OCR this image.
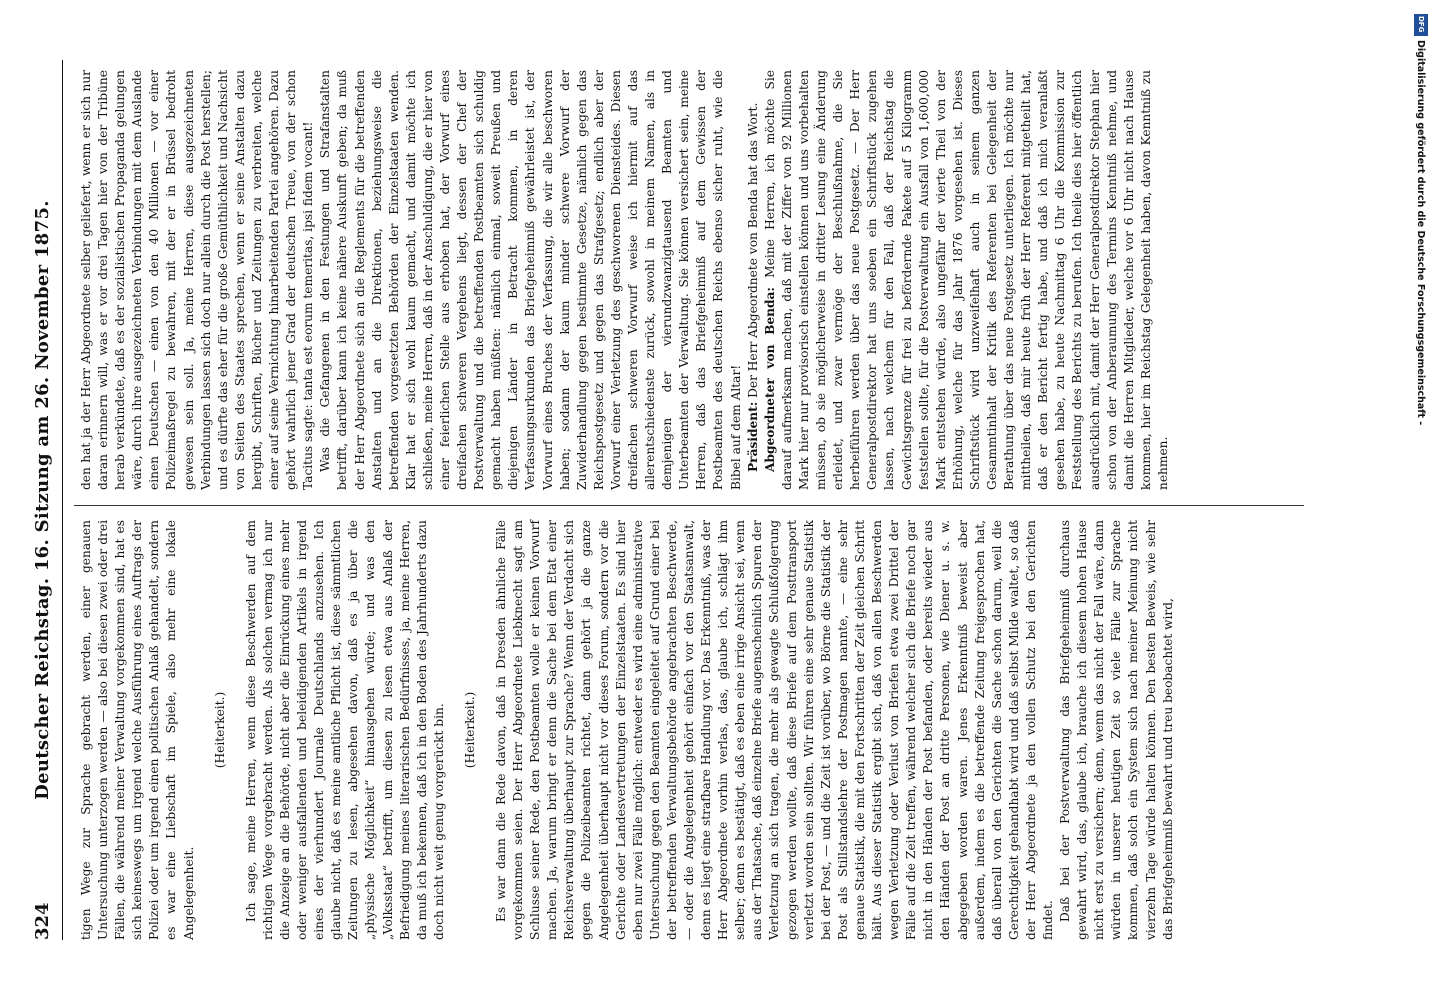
324
Deutscher Reichstag. 16. Sitzung am 26. November 1875. tigen Wege zur Sprache gebracht werden, einer genauen Untersuchung unterzogen werden — also bei diesen zwei oder drei Fällen, die während meiner Verwaltung vorgekommen sind, hat es sich keineswegs um irgend welche Ausführung eines Auftrags der Polizei oder um irgend einen politischen Anlaß gehandelt, sondern es war eine Liebschaft im Spiele, also mehr eine lokale Angelegenheit.

(Heiterkeit.) Ich sage, meine Herren, wenn diese Beschwerden auf dem richtigen Wege vorgebracht werden. Als solchen vermag ich nur die Anzeige an die Behörde, nicht aber die Einrückung eines mehr oder weniger ausfallenden und beleidigenden Artikels in irgend eines der vierhundert Journale Deutschlands anzusehen. Ich glaube nicht, daß es meine amtliche Pflicht ist, diese sämmtlichen Zeitungen zu lesen, abgesehen davon, daß es ja über die „physische Möglichkeit“ hinausgehen würde; und was den „Volksstaat“ betrifft, um diesen zu lesen etwa aus Anlaß der Befriedigung meines literarischen Bedürfnisses, ja, meine Herren, da muß ich bekennen, daß ich in den Boden des Jahrhunderts dazu doch nicht weit genug vorgerückt bin. (Heiterkeit.) Es war dann die Rede davon, daß in Dresden ähnliche Fälle vorgekommen seien. Der Herr Abgeordnete Liebknecht sagt am Schlusse seiner Rede, den Postbeamten wolle er keinen Vorwurf machen. Ja, warum bringt er denn die Sache bei dem Etat einer Reichsverwaltung überhaupt zur Sprache? Wenn der Verdacht sich gegen die Polizeibeamten richtet, dann gehört ja die ganze Angelegenheit überhaupt nicht vor dieses Forum, sondern vor die Gerichte oder Landesvertretungen der Einzelstaaten. Es sind hier eben nur zwei Fälle möglich: entweder es wird eine administrative Untersuchung gegen den Beamten eingeleitet auf Grund einer bei der betreffenden Verwaltungsbehörde angebrachten Beschwerde, — oder die Angelegenheit gehört einfach vor den Staatsanwalt, denn es liegt eine strafbare Handlung vor. Das Erkenntniß, was der Herr Abgeordnete vorhin verlas, das, glaube ich, schlägt ihm selber; denn es bestätigt, daß es eben eine irrige Ansicht sei, wenn aus der Thatsache, daß einzelne Briefe augenscheinlich Spuren der Verletzung an sich tragen, die mehr als gewagte Schlußfolgerung gezogen werden wollte, daß diese Briefe auf dem Posttransport verletzt worden sein sollten. Wir führen eine sehr genaue Statistik bei der Post, — und die Zeit ist vorüber, wo Börne die Statistik der Post als Stillstandslehre der Postmagen nannte, — eine sehr genaue Statistik, die mit den Fortschritten der Zeit gleichen Schritt hält. Aus dieser Statistik ergibt sich, daß von allen Beschwerden wegen Verletzung oder Verlust von Briefen etwa zwei Drittel der Fälle auf die Zeit treffen, während welcher sich die Briefe noch gar nicht in den Händen der Post befanden, oder bereits wieder aus den Händen der Post an dritte Personen, wie Diener u. s. w. abgegeben worden waren. Jenes Erkenntniß beweist aber außerdem, indem es die betreffende Zeitung freigesprochen hat, daß überall von den Gerichten die Sache schon darum, weil die Gerechtigkeit gehandhabt wird und daß selbst Milde waltet, so daß der Herr Abgeordnete ja den vollen Schutz bei den Gerichten findet. Daß bei der Postverwaltung das Briefgeheimniß durchaus gewahrt wird, das, glaube ich, brauche ich diesem hohen Hause nicht erst zu versichern; denn, wenn das nicht der Fall wäre, dann würden in unserer heutigen Zeit so viele Fälle zur Sprache kommen, daß solch ein System sich nach meiner Meinung nicht vierzehn Tage würde halten können. Den besten Beweis, wie sehr das Briefgeheimniß bewahrt und treu beobachtet wird,

den hat ja der Herr Abgeordnete selber geliefert, wenn er sich nur daran erinnern will, was er vor drei Tagen hier von der Tribüne herab verkündete, daß es der sozialistischen Propaganda gelungen wäre, durch ihre ausgezeichneten Verbindungen mit dem Auslande einen Deutschen — einen von den 40 Millionen — vor einer Polizeimaßregel zu bewahren, mit der er in Brüssel bedroht gewesen sein soll. Ja, meine Herren, diese ausgezeichneten Verbindungen lassen sich doch nur allein durch die Post herstellen; und es dürfte das eher für die große Gemüthlichkeit und Nachsicht von Seiten des Staates sprechen, wenn er seine Anstalten dazu hergibt, Schriften, Bücher und Zeitungen zu verbreiten, welche einer auf seine Vernichtung hinarbeitenden Partei angehören. Dazu gehört wahrlich jener Grad der deutschen Treue, von der schon Tacitus sagte: tanta est eorum temeritas, ipsi fidem vocant! Was die Gefangenen in den Festungen und Strafanstalten betrifft, darüber kann ich keine nähere Auskunft geben; da muß der Herr Abgeordnete sich an die Reglements für die betreffenden Anstalten und an die Direktionen, beziehungsweise die betreffenden vorgesetzten Behörden der Einzelstaaten wenden. Klar hat er sich wohl kaum gemacht, und damit möchte ich schließen, meine Herren, daß in der Anschuldigung, die er hier von einer feierlichen Stelle aus erhoben hat, der Vorwurf eines dreifachen schweren Vergehens liegt, dessen der Chef der Postverwaltung und die betreffenden Postbeamten sich schuldig gemacht haben müßten: nämlich einmal, soweit Preußen und diejenigen Länder in Betracht kommen, in deren Verfassungsurkunden das Briefgeheimniß gewährleistet ist, der Vorwurf eines Bruches der Verfassung, die wir alle beschworen haben; sodann der kaum minder schwere Vorwurf der Zuwiderhandlung gegen bestimmte Gesetze, nämlich gegen das Reichspostgesetz und gegen das Strafgesetz; endlich aber der Vorwurf einer Verletzung des geschworenen Diensteides. Diesen dreifachen schweren Vorwurf weise ich hiermit auf das allerentschiedenste zurück, sowohl in meinem Namen, als in demjenigen der vierundzwanzigtausend Beamten und Unterbeamten der Verwaltung. Sie können versichert sein, meine Herren, daß das Briefgeheimniß auf dem Gewissen der Postbeamten des deutschen Reichs ebenso sicher ruht, wie die Bibel auf dem Altar! Präsident: Der Herr Abgeordnete von Benda hat das Wort. Abgeordneter von Benda: Meine Herren, ich möchte Sie darauf aufmerksam machen, daß mit der Ziffer von 92 Millionen Mark hier nur provisorisch einstellen können und uns vorbehalten müssen, ob sie möglicherweise in dritter Lesung eine Änderung erleidet, und zwar vermöge der Beschlußnahme, die Sie herbeiführen werden über das neue Postgesetz. — Der Herr Generalpostdirektor hat uns soeben ein Schriftstück zugehen lassen, nach welchem für den Fall, daß der Reichstag die Gewichtsgrenze für frei zu befördernde Pakete auf 5 Kilogramm feststellen sollte, für die Postverwaltung ein Ausfall von 1,600,000 Mark entstehen würde, also ungefähr der vierte Theil von der Erhöhung, welche für das Jahr 1876 vorgesehen ist. Dieses Schriftstück wird unzweifelhaft auch in seinem ganzen Gesammtinhalt der Kritik des Referenten bei Gelegenheit der Berathung über das neue Postgesetz unterliegen. Ich möchte nur mittheilen, daß mir heute früh der Herr Referent mitgetheilt hat, daß er den Bericht fertig habe, und daß ich mich veranlaßt gesehen habe, zu heute Nachmittag 6 Uhr die Kommission zur Feststellung des Berichts zu berufen. Ich theile dies hier öffentlich ausdrücklich mit, damit der Herr Generalpostdirektor Stephan hier schon von der Anberaumung des Termins Kenntniß nehme, und damit die Herren Mitglieder, welche vor 6 Uhr nicht nach Hause kommen, hier im Reichstag Gelegenheit haben, davon Kenntniß zu nehmen.

DFG
Digitalisierung gefördert durch die Deutsche Forschungsgemeinschaft -
